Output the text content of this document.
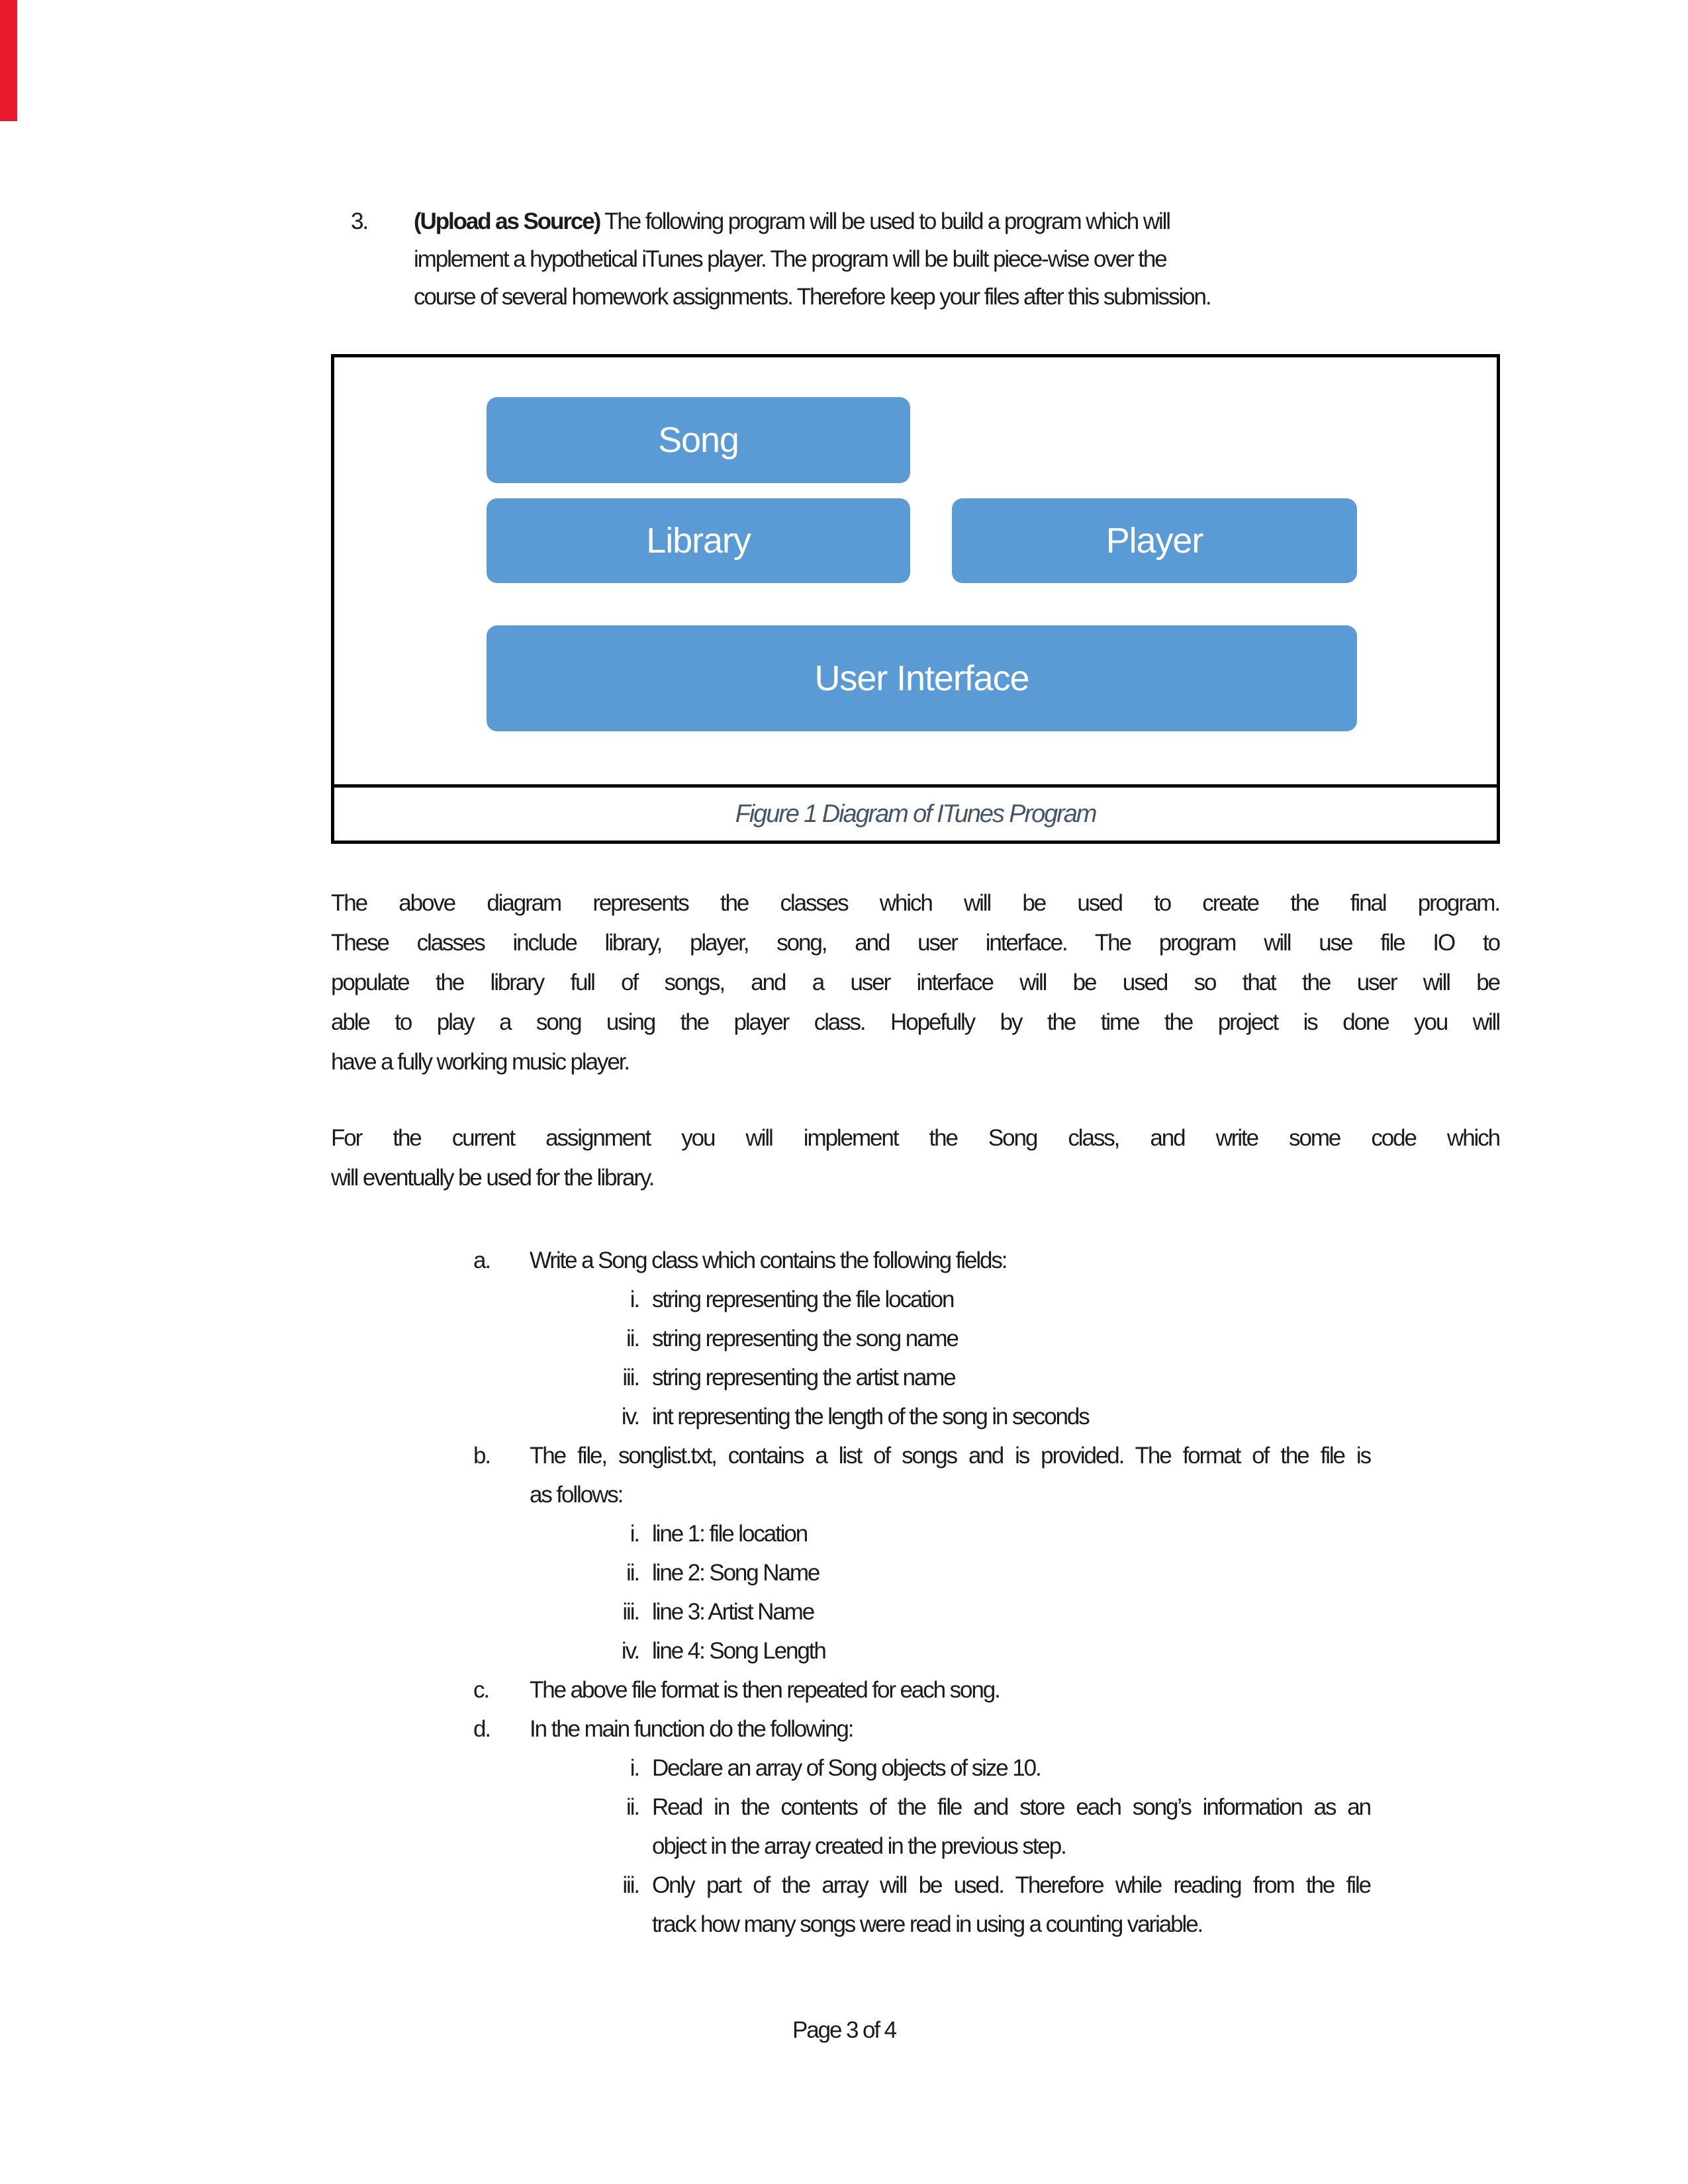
3.	(Upload as Source) The following program will be used to build a program which will
implement a hypothetical iTunes player. The program will be built piece-wise over the
course of several homework assignments. Therefore keep your files after this submission.
Song
Library	Player
User Interface
Figure 1 Diagram of ITunes Program
The above diagram represents the classes which will be used to create the final program.
These classes include library, player, song, and user interface. The program will use file IO to
populate the library full of songs, and a user interface will be used so that the user will be
able to play a song using the player class. Hopefully by the time the project is done you will
have a fully working music player.
For the current assignment you will implement the Song class, and write some code which
will eventually be used for the library.
a.	Write a Song class which contains the following fields:
i. string representing the file location
ii. string representing the song name
iii. string representing the artist name
iv. int representing the length of the song in seconds
b.	The file, songlist.txt, contains a list of songs and is provided. The format of the file is
as follows:
i. line 1: file location
ii. line 2: Song Name
iii. line 3: Artist Name
iv. line 4: Song Length
c.	The above file format is then repeated for each song.
d.	In the main function do the following:
i. Declare an array of Song objects of size 10.
ii. Read in the contents of the file and store each song’s information as an
object in the array created in the previous step.
iii. Only part of the array will be used. Therefore while reading from the file
track how many songs were read in using a counting variable.
Page 3 of 4
